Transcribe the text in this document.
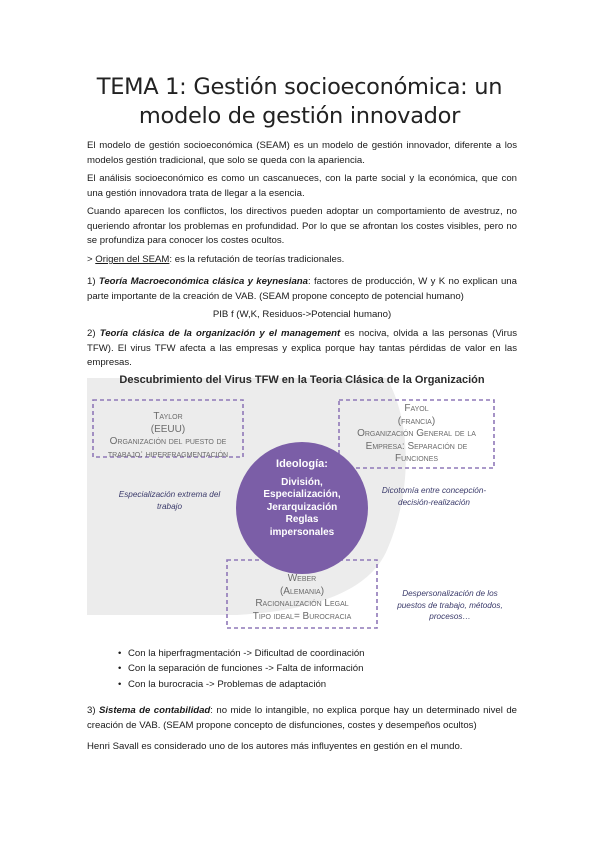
TEMA 1: Gestión socioeconómica: un modelo de gestión innovador
El modelo de gestión socioeconómica (SEAM) es un modelo de gestión innovador, diferente a los modelos gestión tradicional, que solo se queda con la apariencia.
El análisis socioeconómico es como un cascanueces, con la parte social y la económica, que con una gestión innovadora trata de llegar a la esencia.
Cuando aparecen los conflictos, los directivos pueden adoptar un comportamiento de avestruz, no queriendo afrontar los problemas en profundidad. Por lo que se afrontan los costes visibles, pero no se profundiza para conocer los costes ocultos.
> Origen del SEAM: es la refutación de teorías tradicionales.
1) Teoría Macroeconómica clásica y keynesiana: factores de producción, W y K no explican una parte importante de la creación de VAB. (SEAM propone concepto de potencial humano)
PIB f (W,K, Residuos->Potencial humano)
2) Teoría clásica de la organización y el management es nociva, olvida a las personas (Virus TFW). El virus TFW afecta a las empresas y explica porque hay tantas pérdidas de valor en las empresas.
Descubrimiento del Virus TFW en la Teoria Clásica de la Organización
Taylor
(EEUU)
Organización del puesto de
trabajo: hiperfragmentación
Fayol
(francia)
Organización General de la
Empresa: Separación de
Funciones
Weber
(Alemania)
Racionalización Legal
Tipo ideal= Burocracia
Ideología:
División,
Especialización,
Jerarquización
Reglas
impersonales
Especialización extrema del
trabajo
Dicotomía entre concepción-
decisión-realización
Despersonalización de los
puestos de trabajo, métodos,
procesos…
• Con la hiperfragmentación -> Dificultad de coordinación
• Con la separación de funciones -> Falta de información
• Con la burocracia -> Problemas de adaptación
3) Sistema de contabilidad: no mide lo intangible, no explica porque hay un determinado nivel de creación de VAB. (SEAM propone concepto de disfunciones, costes y desempeños ocultos)
Henri Savall es considerado uno de los autores más influyentes en gestión en el mundo.
